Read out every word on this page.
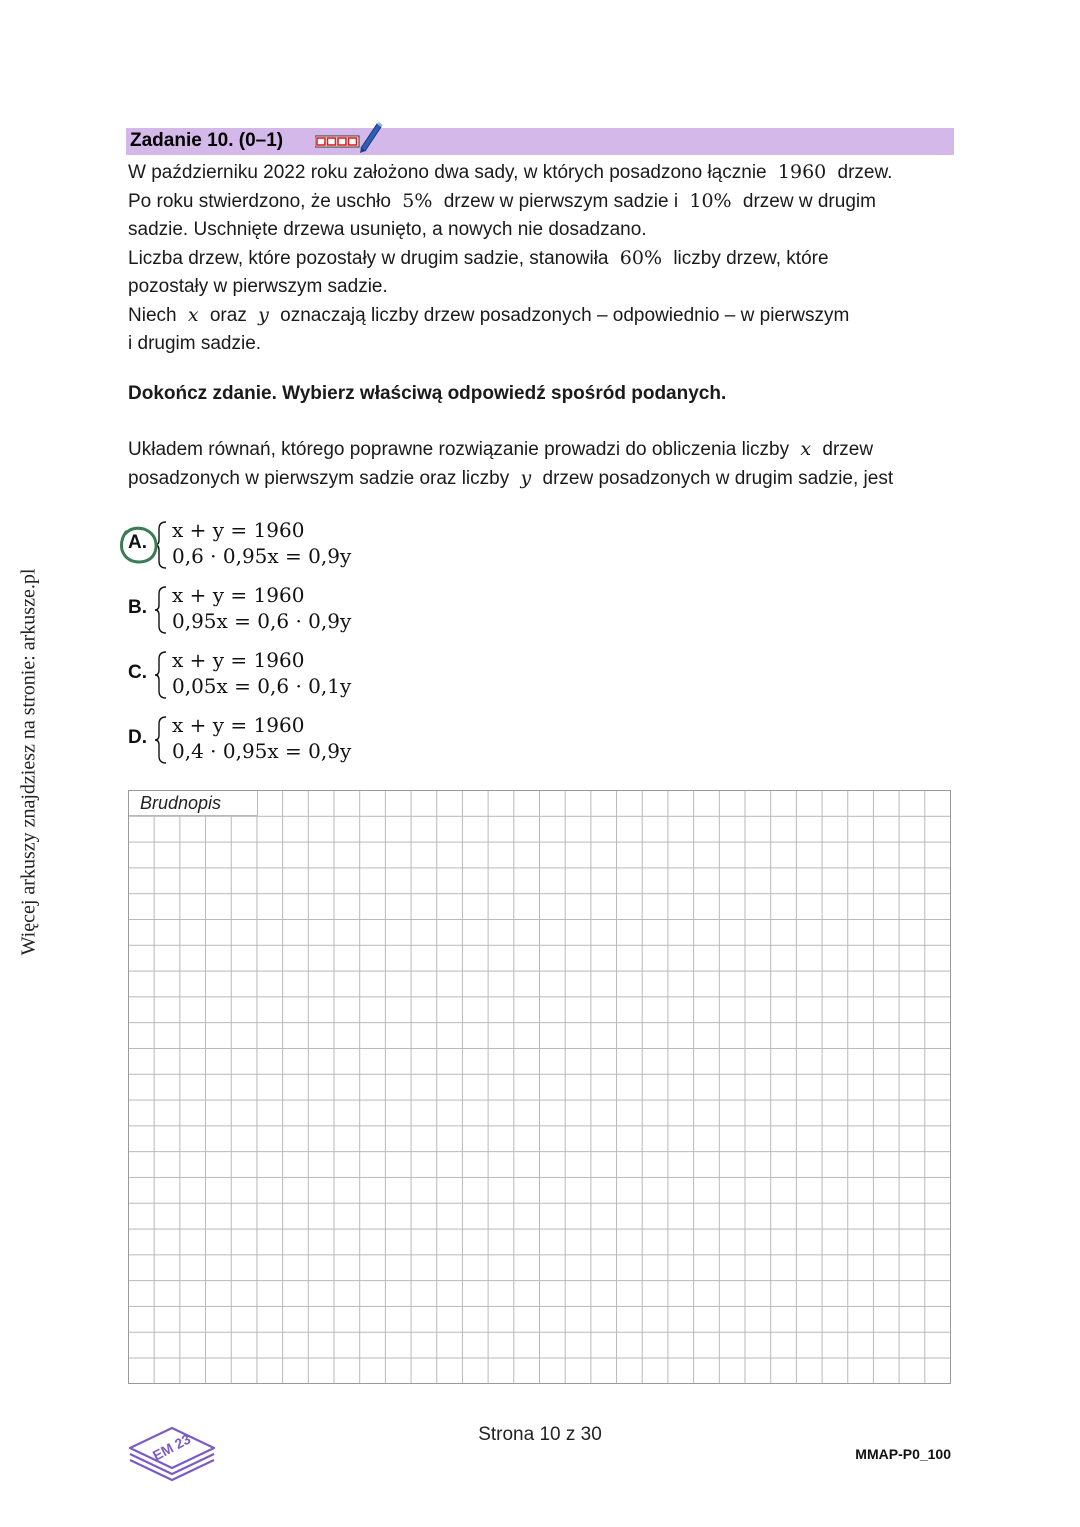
Więcej arkuszy znajdziesz na stronie: arkusze.pl
Zadanie 10. (0–1)

W październiku 2022 roku założono dwa sady, w których posadzono łącznie 1960 drzew.

Po roku stwierdzono, że uschło 5% drzew w pierwszym sadzie i 10% drzew w drugim

sadzie. Uschnięte drzewa usunięto, a nowych nie dosadzano.

Liczba drzew, które pozostały w drugim sadzie, stanowiła 60% liczby drzew, które

pozostały w pierwszym sadzie.

Niech x oraz y oznaczają liczby drzew posadzonych – odpowiednio – w pierwszym

i drugim sadzie.

Dokończ zdanie. Wybierz właściwą odpowiedź spośród podanych.

Układem równań, którego poprawne rozwiązanie prowadzi do obliczenia liczby x drzew

posadzonych w pierwszym sadzie oraz liczby y drzew posadzonych w drugim sadzie, jest

A.
x + y = 1960
0,6 · 0,95x = 0,9y
B.
x + y = 1960
0,95x = 0,6 · 0,9y
C.
x + y = 1960
0,05x = 0,6 · 0,1y
D.
x + y = 1960
0,4 · 0,95x = 0,9y
Brudnopis
EM 23	Strona 10 z 30
MMAP-P0_100
